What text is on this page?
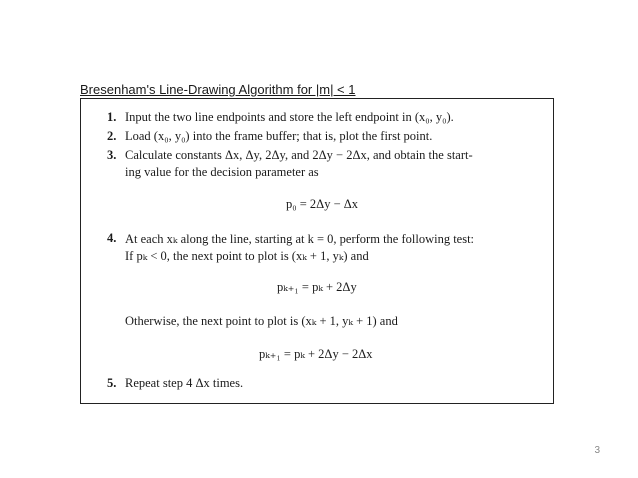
Bresenham's Line-Drawing Algorithm for |m| < 1
1. Input the two line endpoints and store the left endpoint in (x₀, y₀).
2. Load (x₀, y₀) into the frame buffer; that is, plot the first point.
3. Calculate constants Δx, Δy, 2Δy, and 2Δy − 2Δx, and obtain the start-
ing value for the decision parameter as
p₀ = 2Δy − Δx
4. At each xₖ along the line, starting at k = 0, perform the following test:
If pₖ < 0, the next point to plot is (xₖ + 1, yₖ) and
pₖ₊₁ = pₖ + 2Δy
Otherwise, the next point to plot is (xₖ + 1, yₖ + 1) and
pₖ₊₁ = pₖ + 2Δy − 2Δx
5. Repeat step 4 Δx times.
3
